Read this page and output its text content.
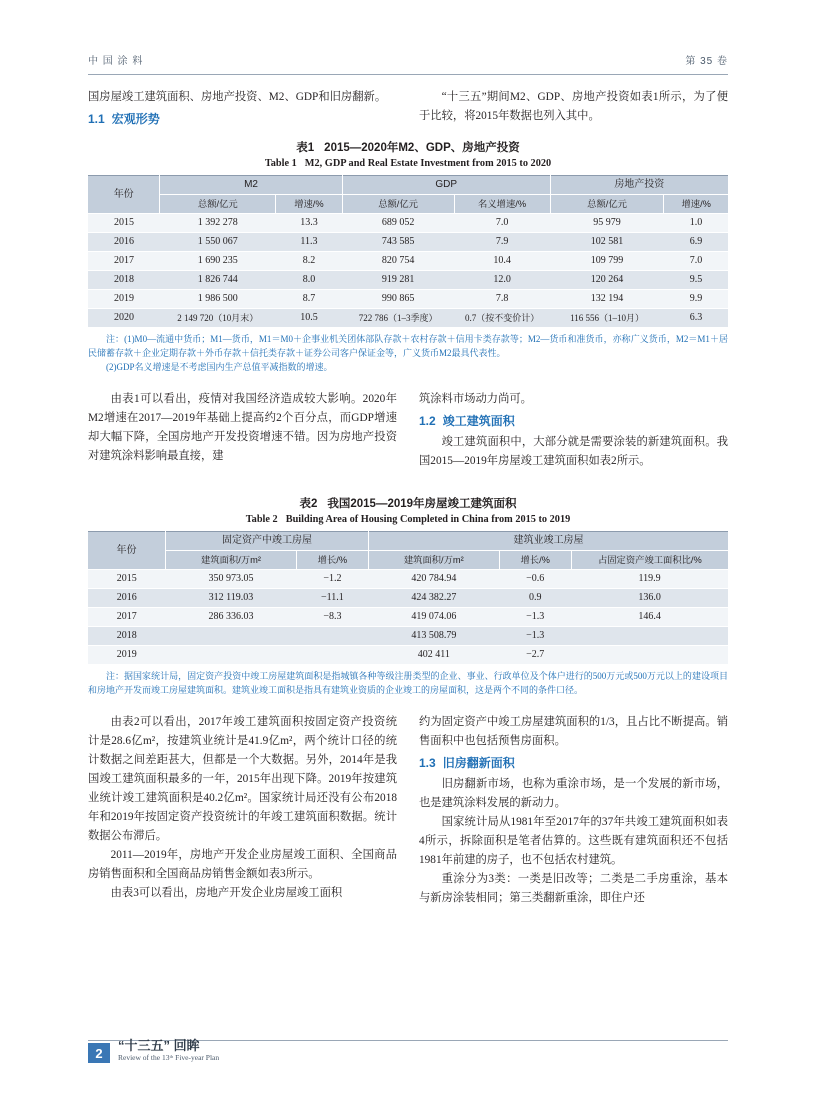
中 国 涂 料	第 35 卷

国房屋竣工建筑面积、房地产投资、M2、GDP和旧房翻新。

1.1 宏观形势

“十三五”期间M2、GDP、房地产投资如表1所示，为了便于比较，将2015年数据也列入其中。

表1 2015—2020年M2、GDP、房地产投资
Table 1 M2, GDP and Real Estate Investment from 2015 to 2020
年份	M2		GDP		房地产投资	
	总额/亿元	增速/%	总额/亿元	名义增速/%	总额/亿元	增速/%
2015	1 392 278	13.3	689 052	7.0	95 979	1.0
2016	1 550 067	11.3	743 585	7.9	102 581	6.9
2017	1 690 235	8.2	820 754	10.4	109 799	7.0
2018	1 826 744	8.0	919 281	12.0	120 264	9.5
2019	1 986 500	8.7	990 865	7.8	132 194	9.9
2020	2 149 720（10月末）	10.5	722 786（1–3季度）	0.7（按不变价计）	116 556（1–10月）	6.3
注：(1)M0—流通中货币；M1—货币，M1＝M0＋企事业机关团体部队存款＋农村存款＋信用卡类存款等；M2—货币和准货币，亦称广义货币，M2＝M1＋居民储蓄存款＋企业定期存款＋外币存款＋信托类存款＋证券公司客户保证金等，广义货币M2最具代表性。
(2)GDP名义增速是不考虑国内生产总值平减指数的增速。

由表1可以看出，疫情对我国经济造成较大影响。2020年M2增速在2017—2019年基础上提高约2个百分点，而GDP增速却大幅下降，全国房地产开发投资增速不错。因为房地产投资对建筑涂料影响最直接，建

筑涂料市场动力尚可。

1.2 竣工建筑面积

竣工建筑面积中，大部分就是需要涂装的新建筑面积。我国2015—2019年房屋竣工建筑面积如表2所示。

表2 我国2015—2019年房屋竣工建筑面积
Table 2 Building Area of Housing Completed in China from 2015 to 2019
年份	固定资产中竣工房屋		建筑业竣工房屋		
	建筑面积/万m²	增长/%	建筑面积/万m²	增长/%	占固定资产竣工面积比/%
2015	350 973.05	−1.2	420 784.94	−0.6	119.9
2016	312 119.03	−11.1	424 382.27	0.9	136.0
2017	286 336.03	−8.3	419 074.06	−1.3	146.4
2018			413 508.79	−1.3	
2019			402 411	−2.7	
注：据国家统计局，固定资产投资中竣工房屋建筑面积是指城镇各种等级注册类型的企业、事业、行政单位及个体户进行的500万元或500万元以上的建设项目和房地产开发而竣工房屋建筑面积。建筑业竣工面积是指具有建筑业资质的企业竣工的房屋面积，这是两个不同的条件口径。

由表2可以看出，2017年竣工建筑面积按固定资产投资统计是28.6亿m²，按建筑业统计是41.9亿m²，两个统计口径的统计数据之间差距甚大，但都是一个大数据。另外，2014年是我国竣工建筑面积最多的一年，2015年出现下降。2019年按建筑业统计竣工建筑面积是40.2亿m²。国家统计局还没有公布2018年和2019年按固定资产投资统计的年竣工建筑面积数据。统计数据公布滞后。

2011—2019年，房地产开发企业房屋竣工面积、全国商品房销售面积和全国商品房销售金额如表3所示。

由表3可以看出，房地产开发企业房屋竣工面积

约为固定资产中竣工房屋建筑面积的1/3，且占比不断提高。销售面积中也包括预售房面积。

1.3 旧房翻新面积

旧房翻新市场，也称为重涂市场，是一个发展的新市场，也是建筑涂料发展的新动力。

国家统计局从1981年至2017年的37年共竣工建筑面积如表4所示，拆除面积是笔者估算的。这些既有建筑面积还不包括1981年前建的房子，也不包括农村建筑。

重涂分为3类：一类是旧改等；二类是二手房重涂，基本与新房涂装相同；第三类翻新重涂，即住户还

2	“十三五” 回眸
Review of the 13ᵗʰ Five-year Plan
